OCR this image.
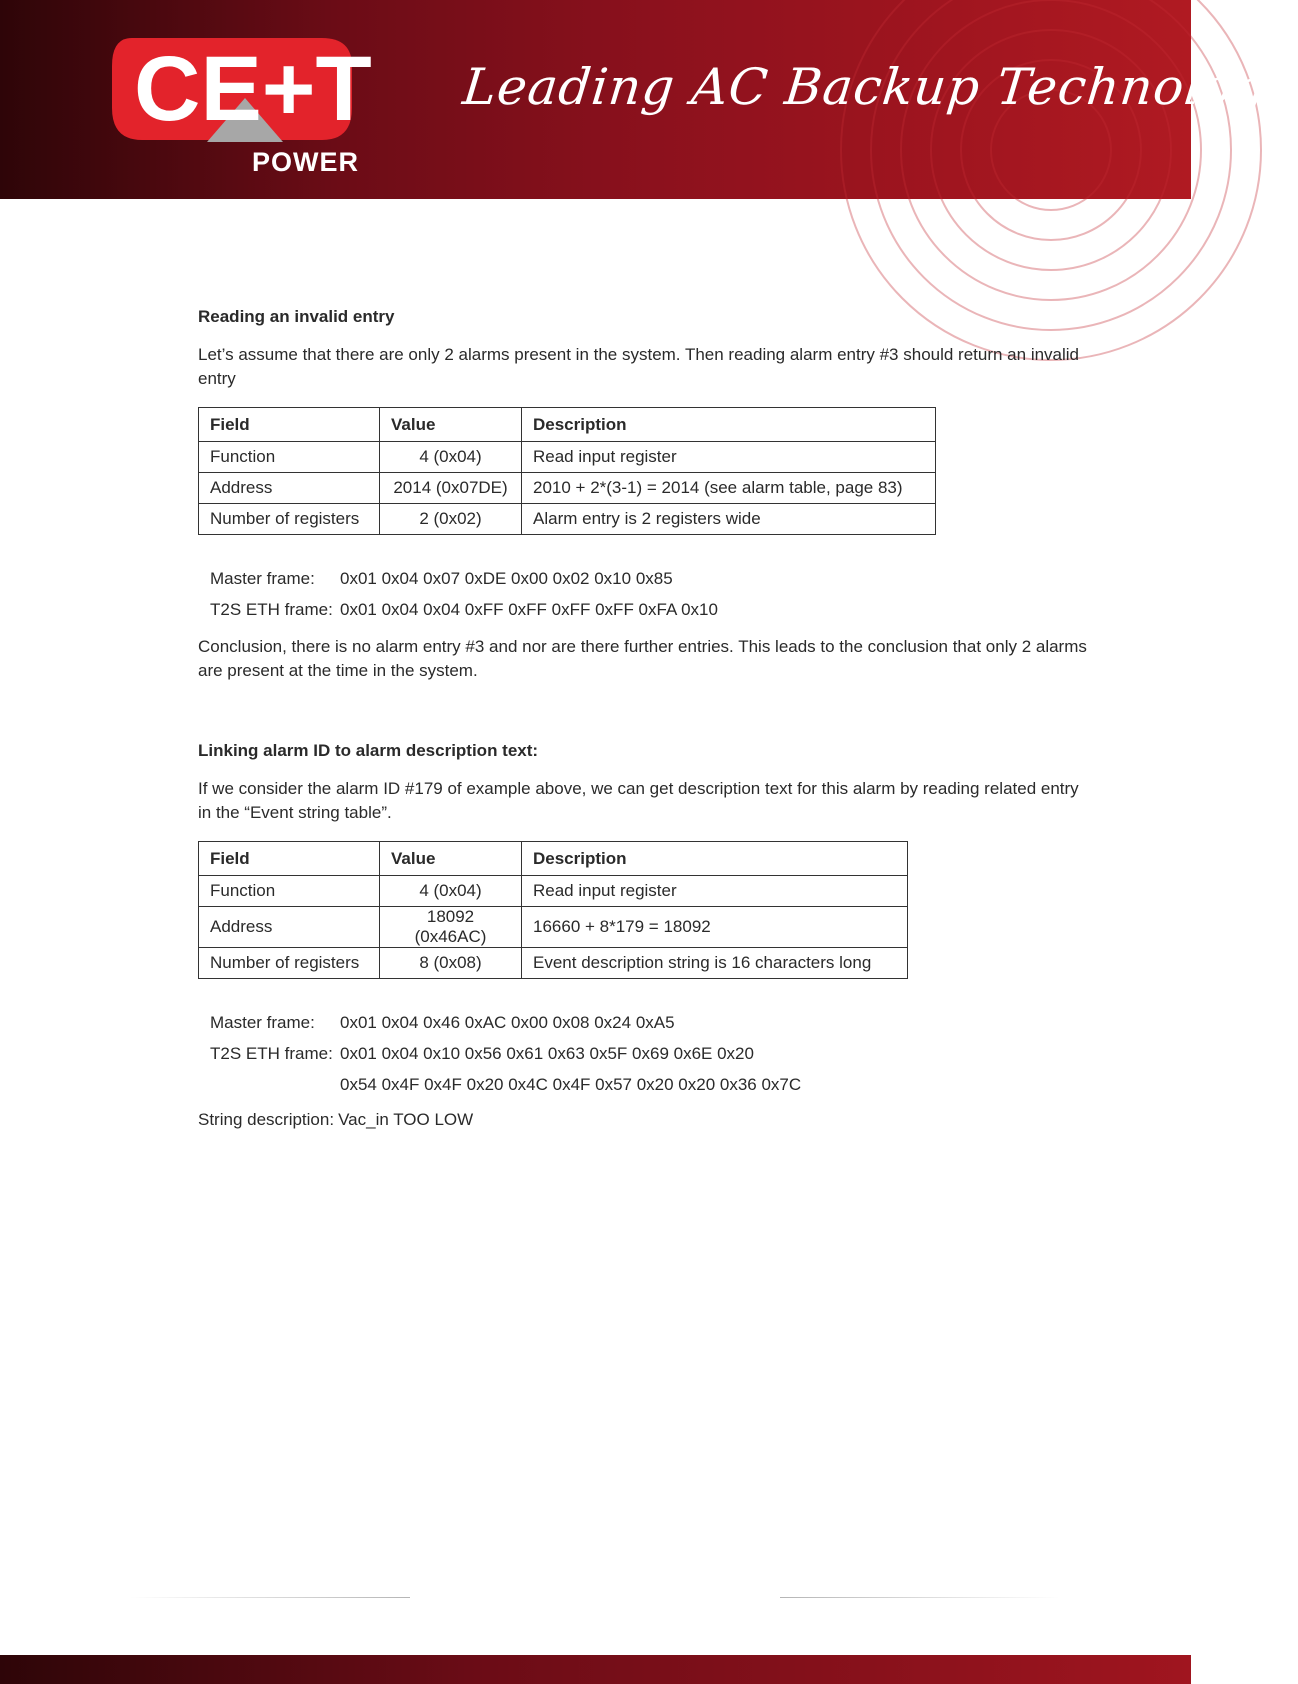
CE+T
POWER
Leading AC Backup Technology
Reading an invalid entry

Let’s assume that there are only 2 alarms present in the system. Then reading alarm entry #3 should return an invalid entry

Field	Value	Description
Function	4 (0x04)	Read input register
Address	2014 (0x07DE)	2010 + 2*(3-1) = 2014 (see alarm table, page 83)
Number of registers	2 (0x02)	Alarm entry is 2 registers wide
Master frame:	0x01 0x04 0x07 0xDE 0x00 0x02 0x10 0x85
T2S ETH frame: 0x01 0x04 0x04 0xFF 0xFF 0xFF 0xFF 0xFA 0x10

Conclusion, there is no alarm entry #3 and nor are there further entries. This leads to the conclusion that only 2 alarms are present at the time in the system.

Linking alarm ID to alarm description text:

If we consider the alarm ID #179 of example above, we can get description text for this alarm by reading related entry in the “Event string table”.

Field	Value	Description
Function	4 (0x04)	Read input register
Address	18092 (0x46AC)	16660 + 8*179 = 18092
Number of registers	8 (0x08)	Event description string is 16 characters long
Master frame:	0x01 0x04 0x46 0xAC 0x00 0x08 0x24 0xA5
T2S ETH frame: 0x01 0x04 0x10 0x56 0x61 0x63 0x5F 0x69 0x6E 0x20
0x54 0x4F 0x4F 0x20 0x4C 0x4F 0x57 0x20 0x20 0x36 0x7C
String description: Vac_in TOO LOW
